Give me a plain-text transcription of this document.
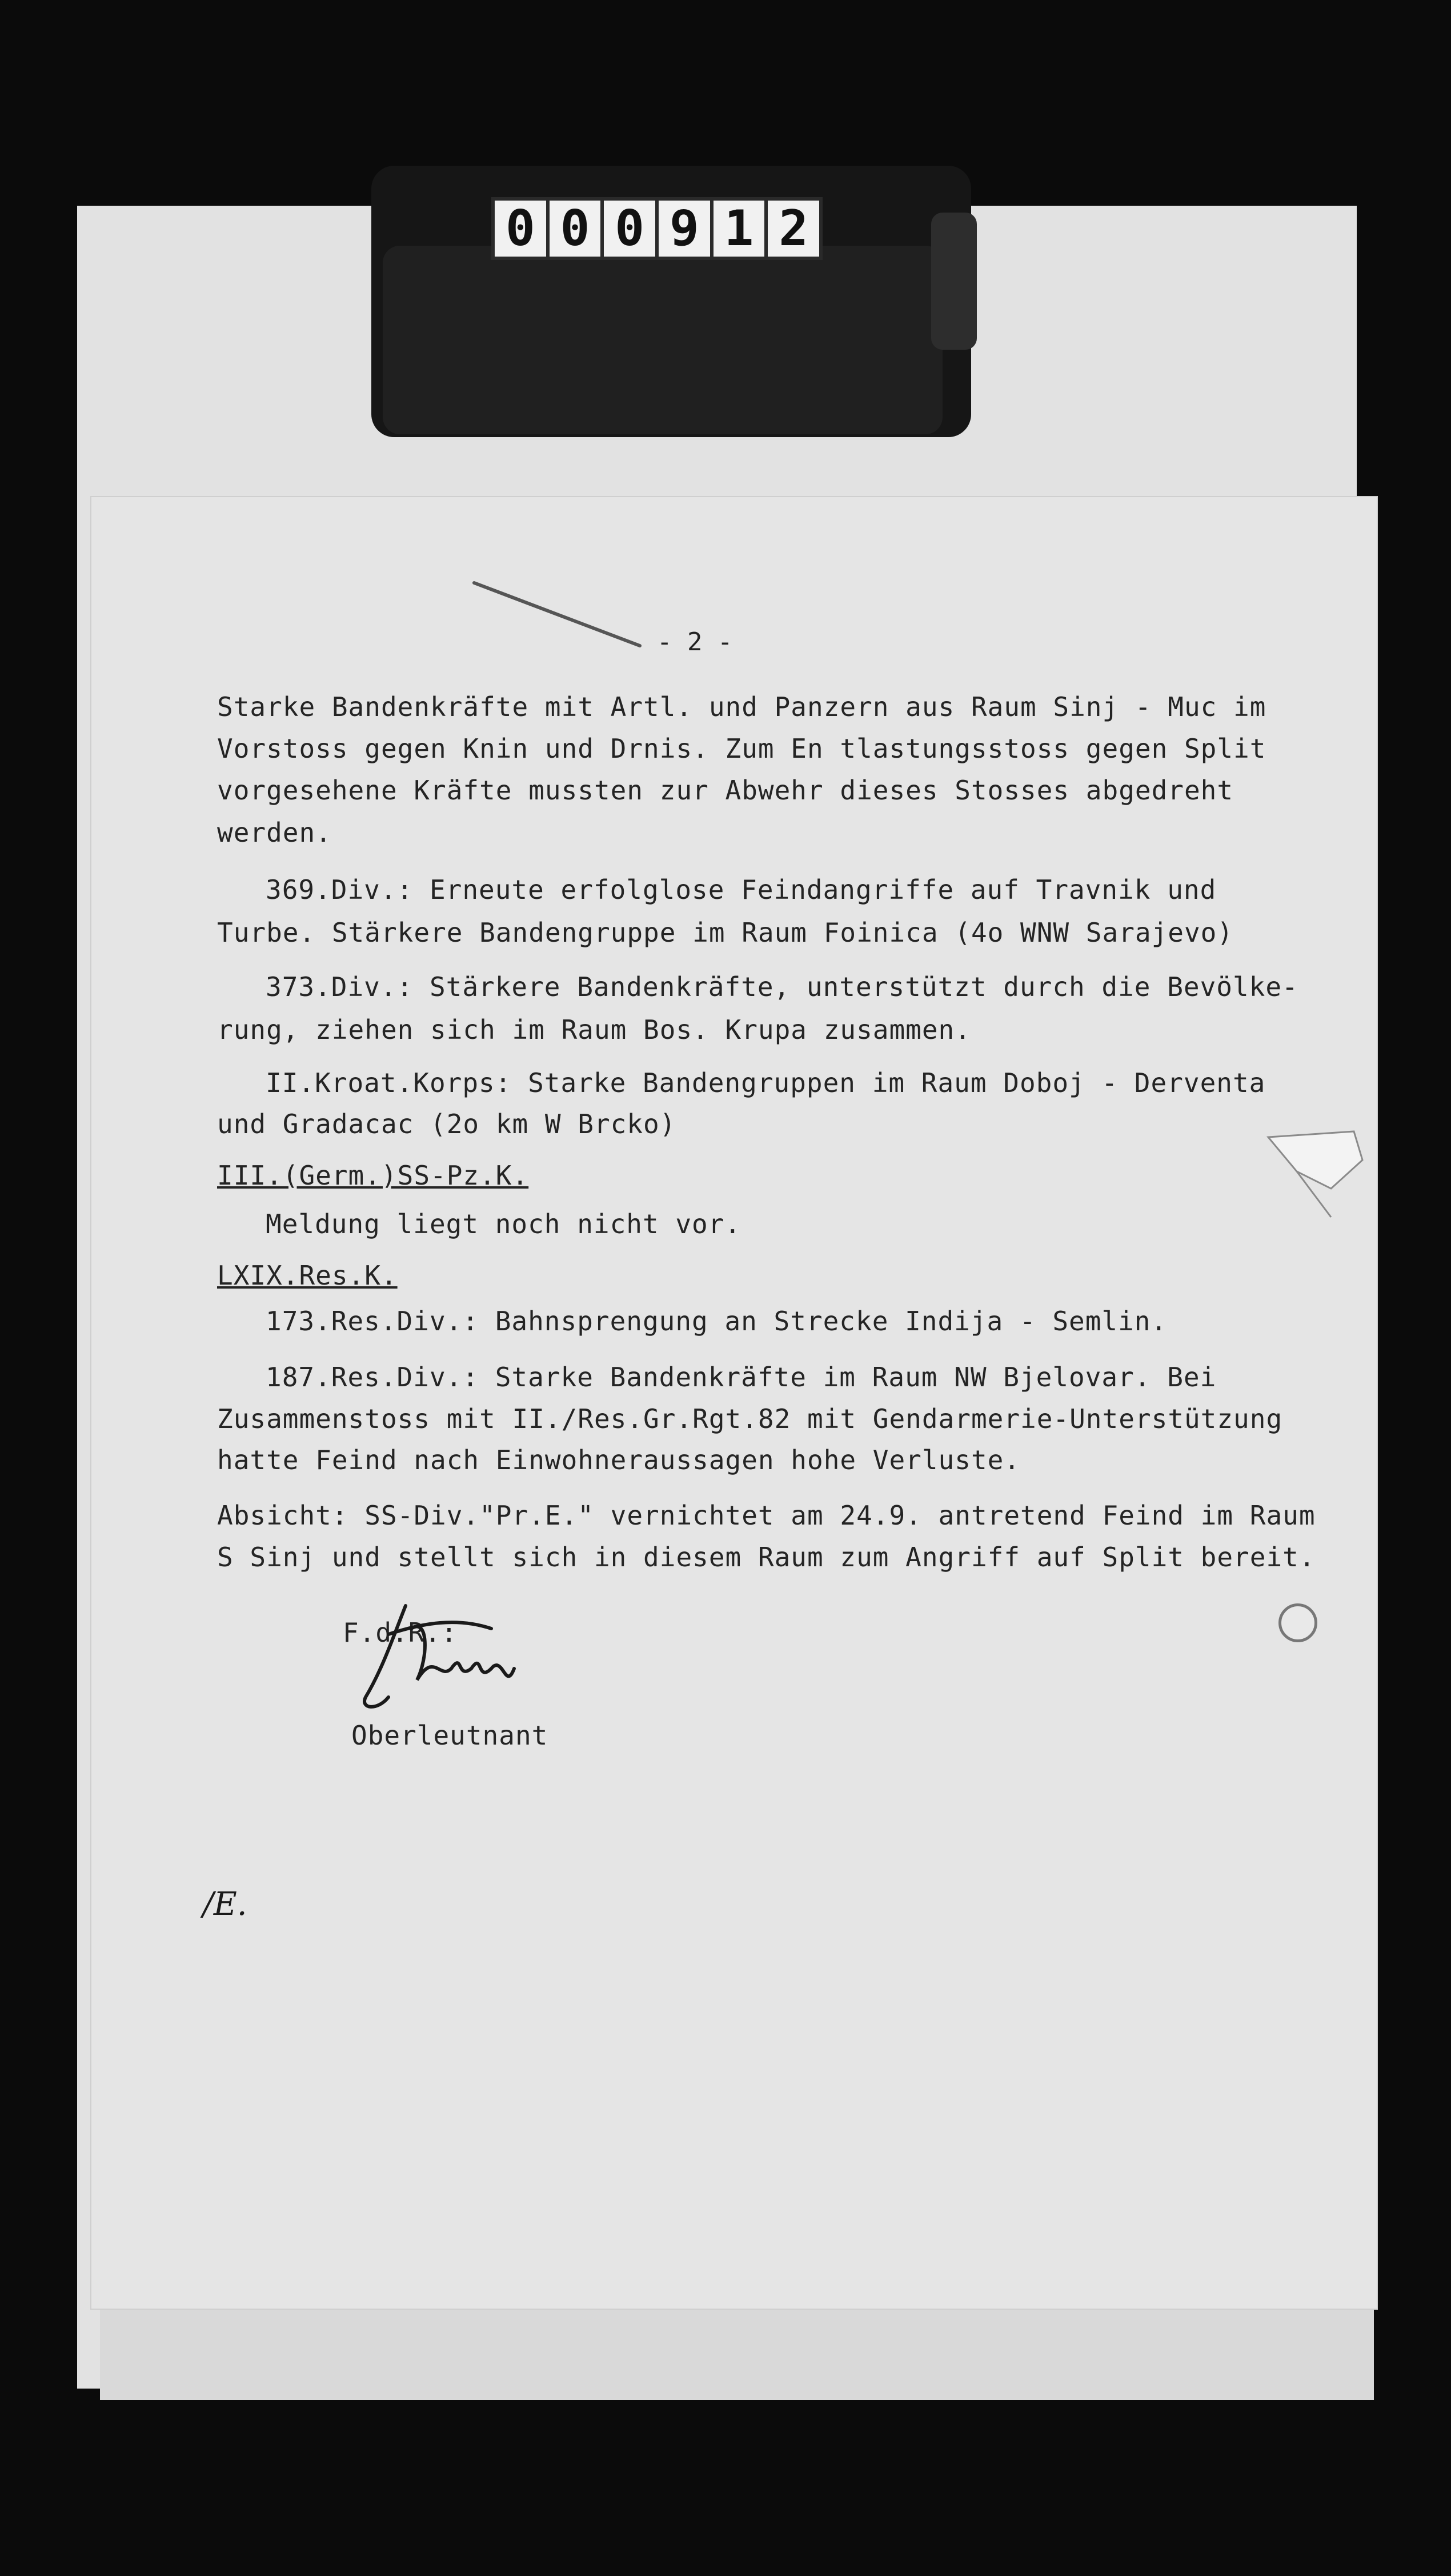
0 0 0 9 1 2
- 2 -
Starke Bandenkräfte mit Artl. und Panzern aus Raum Sinj - Muc im
Vorstoss gegen Knin und Drnis. Zum En tlastungsstoss gegen Split
vorgesehene Kräfte mussten zur Abwehr dieses Stosses abgedreht
werden.
369.Div.: Erneute erfolglose Feindangriffe auf Travnik und
Turbe. Stärkere Bandengruppe im Raum Foinica (4o WNW Sarajevo)
373.Div.: Stärkere Bandenkräfte, unterstützt durch die Bevölke-
rung, ziehen sich im Raum Bos. Krupa zusammen.
II.Kroat.Korps: Starke Bandengruppen im Raum Doboj - Derventa
und Gradacac (2o km W Brcko)
III.(Germ.)SS-Pz.K.
Meldung liegt noch nicht vor.
LXIX.Res.K.
173.Res.Div.: Bahnsprengung an Strecke Indija - Semlin.
187.Res.Div.: Starke Bandenkräfte im Raum NW Bjelovar. Bei
Zusammenstoss mit II./Res.Gr.Rgt.82 mit Gendarmerie-Unterstützung
hatte Feind nach Einwohneraussagen hohe Verluste.
Absicht: SS-Div."Pr.E." vernichtet am 24.9. antretend Feind im Raum
S Sinj und stellt sich in diesem Raum zum Angriff auf Split bereit.
F.d.R.:
Oberleutnant
/E.
